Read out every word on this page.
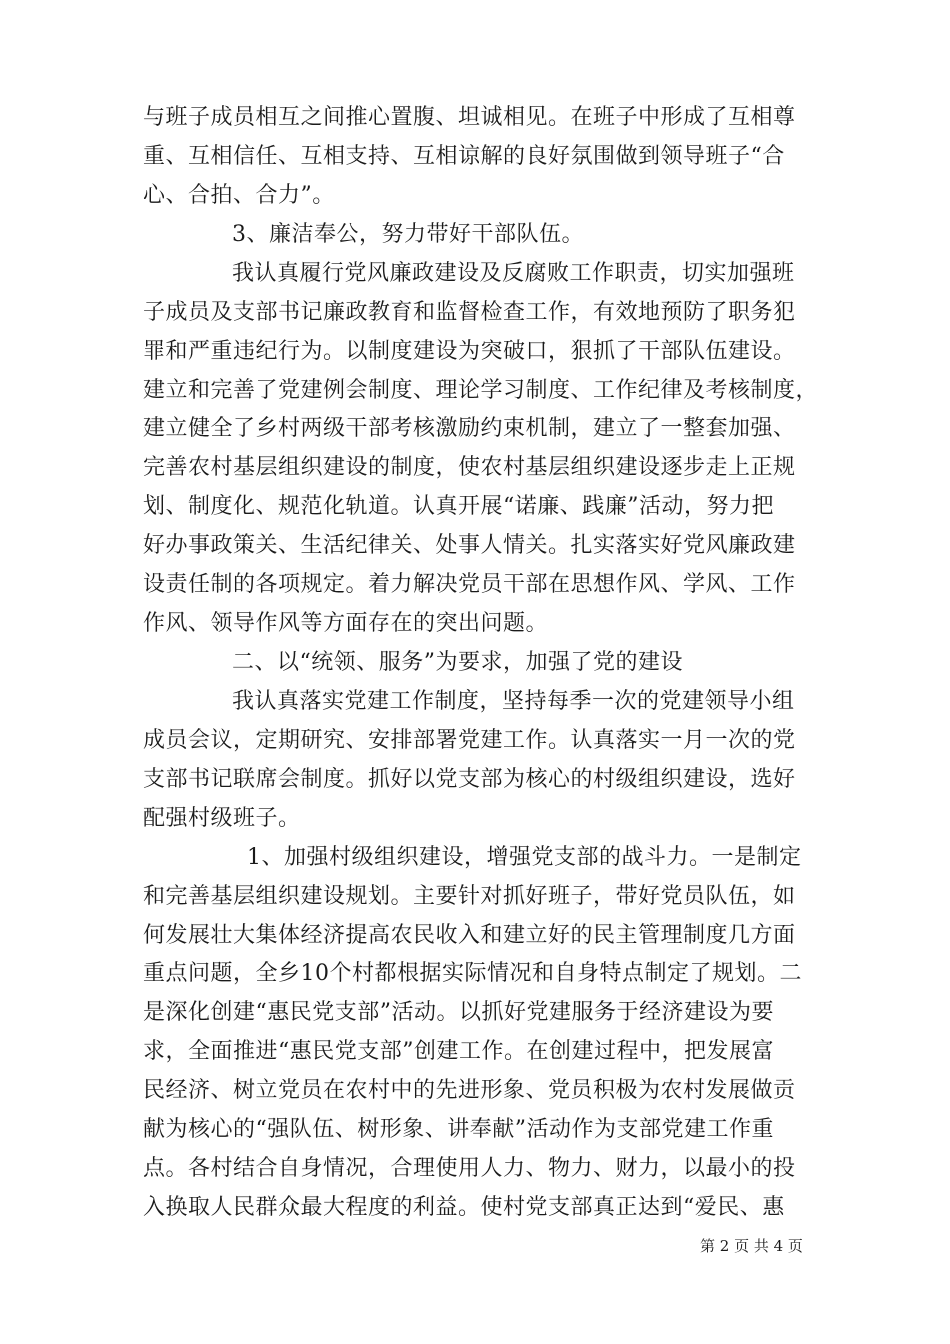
与班子成员相互之间推心置腹、坦诚相见。在班子中形成了互相尊
重、互相信任、互相支持、互相谅解的良好氛围做到领导班子“合
心、合拍、合力”。
3、廉洁奉公，努力带好干部队伍。
我认真履行党风廉政建设及反腐败工作职责，切实加强班
子成员及支部书记廉政教育和监督检查工作，有效地预防了职务犯
罪和严重违纪行为。以制度建设为突破口，狠抓了干部队伍建设。
建立和完善了党建例会制度、理论学习制度、工作纪律及考核制度，
建立健全了乡村两级干部考核激励约束机制，建立了一整套加强、
完善农村基层组织建设的制度，使农村基层组织建设逐步走上正规
划、制度化、规范化轨道。认真开展“诺廉、践廉”活动，努力把
好办事政策关、生活纪律关、处事人情关。扎实落实好党风廉政建
设责任制的各项规定。着力解决党员干部在思想作风、学风、工作
作风、领导作风等方面存在的突出问题。
二、以“统领、服务”为要求，加强了党的建设
我认真落实党建工作制度，坚持每季一次的党建领导小组
成员会议，定期研究、安排部署党建工作。认真落实一月一次的党
支部书记联席会制度。抓好以党支部为核心的村级组织建设，选好
配强村级班子。
1、加强村级组织建设，增强党支部的战斗力。一是制定
和完善基层组织建设规划。主要针对抓好班子，带好党员队伍，如
何发展壮大集体经济提高农民收入和建立好的民主管理制度几方面
重点问题，全乡10个村都根据实际情况和自身特点制定了规划。二
是深化创建“惠民党支部”活动。以抓好党建服务于经济建设为要
求，全面推进“惠民党支部”创建工作。在创建过程中，把发展富
民经济、树立党员在农村中的先进形象、党员积极为农村发展做贡
献为核心的“强队伍、树形象、讲奉献”活动作为支部党建工作重
点。各村结合自身情况，合理使用人力、物力、财力，以最小的投
入换取人民群众最大程度的利益。使村党支部真正达到“爱民、惠
第 2 页 共 4 页
